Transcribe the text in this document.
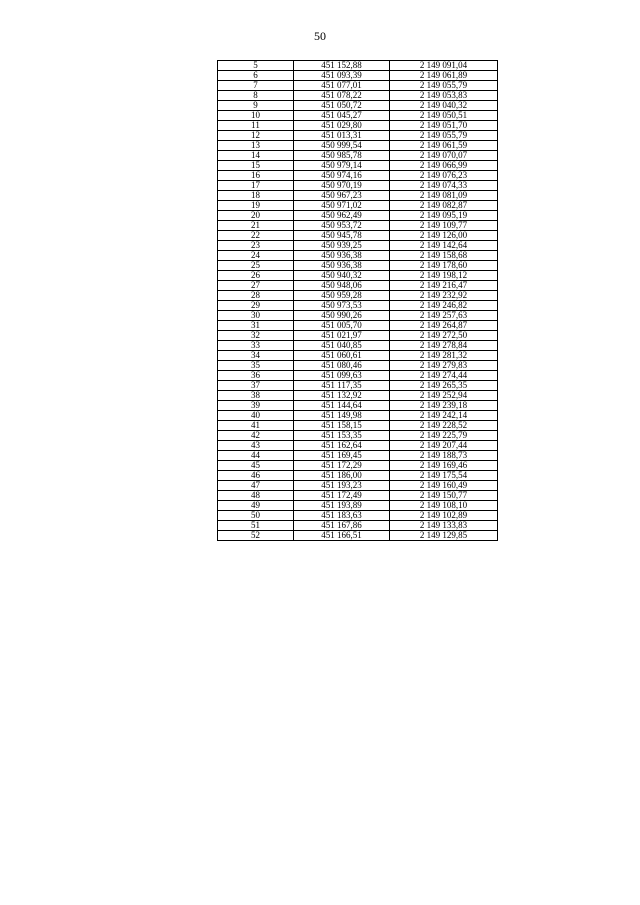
50
5	451 152,88	2 149 091,04
6	451 093,39	2 149 061,89
7	451 077,01	2 149 055,79
8	451 078,22	2 149 053,83
9	451 050,72	2 149 040,32
10	451 045,27	2 149 050,51
11	451 029,80	2 149 051,70
12	451 013,31	2 149 055,79
13	450 999,54	2 149 061,59
14	450 985,78	2 149 070,07
15	450 979,14	2 149 066,99
16	450 974,16	2 149 076,23
17	450 970,19	2 149 074,33
18	450 967,23	2 149 081,09
19	450 971,02	2 149 082,87
20	450 962,49	2 149 095,19
21	450 953,72	2 149 109,77
22	450 945,78	2 149 126,00
23	450 939,25	2 149 142,64
24	450 936,38	2 149 158,68
25	450 936,38	2 149 178,60
26	450 940,32	2 149 198,12
27	450 948,06	2 149 216,47
28	450 959,28	2 149 232,92
29	450 973,53	2 149 246,82
30	450 990,26	2 149 257,63
31	451 005,70	2 149 264,87
32	451 021,97	2 149 272,50
33	451 040,85	2 149 278,84
34	451 060,61	2 149 281,32
35	451 080,46	2 149 279,83
36	451 099,63	2 149 274,44
37	451 117,35	2 149 265,35
38	451 132,92	2 149 252,94
39	451 144,64	2 149 239,18
40	451 149,98	2 149 242,14
41	451 158,15	2 149 228,52
42	451 153,35	2 149 225,79
43	451 162,64	2 149 207,44
44	451 169,45	2 149 188,73
45	451 172,29	2 149 169,46
46	451 186,00	2 149 175,54
47	451 193,23	2 149 160,49
48	451 172,49	2 149 150,77
49	451 193,89	2 149 108,10
50	451 183,63	2 149 102,89
51	451 167,86	2 149 133,83
52	451 166,51	2 149 129,85
